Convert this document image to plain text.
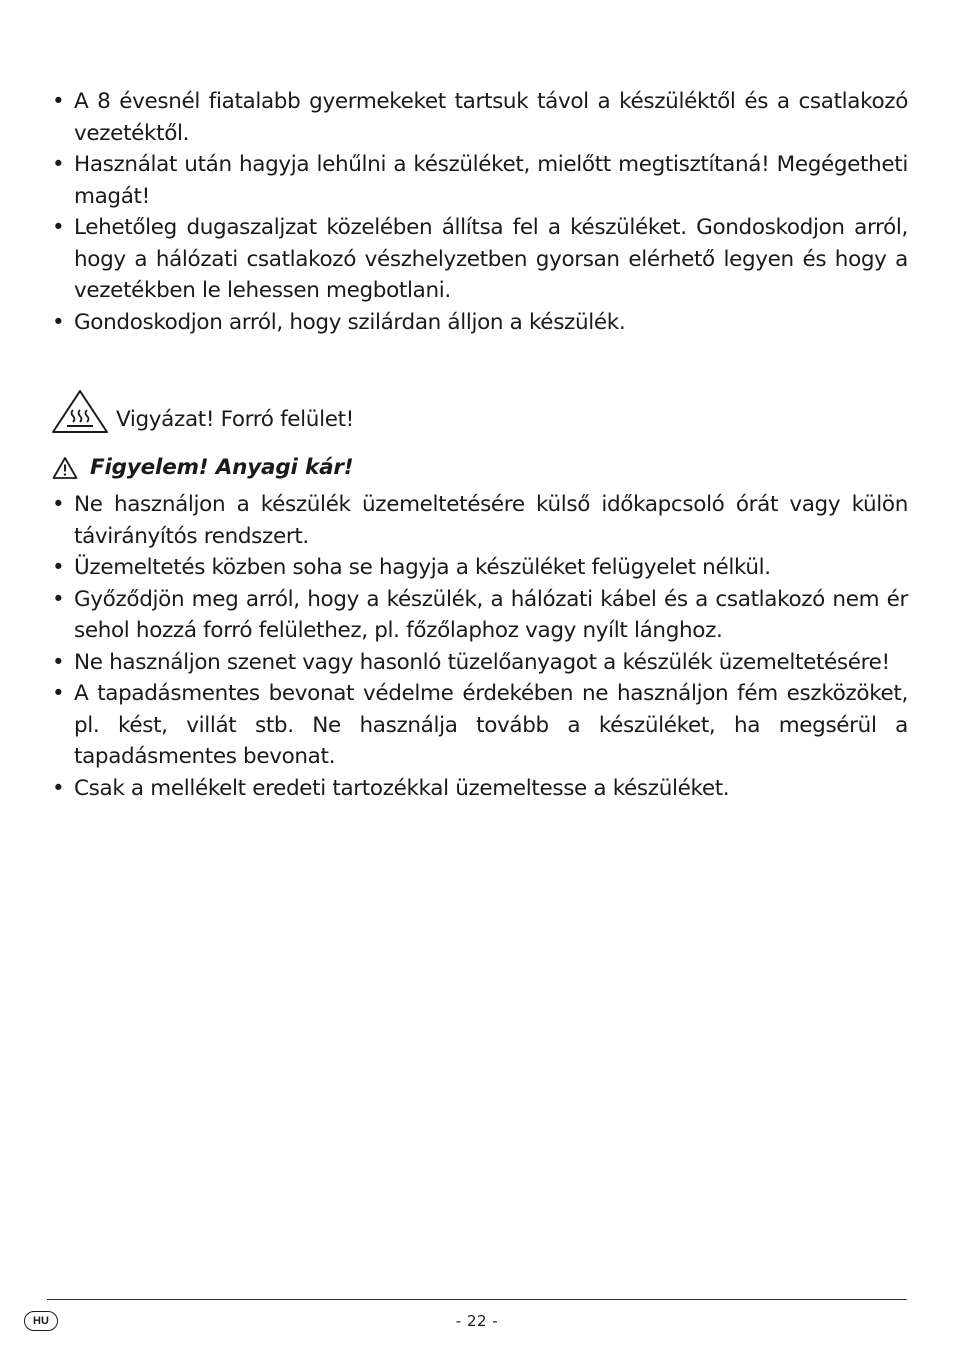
• A 8 évesnél fiatalabb gyermekeket tartsuk távol a készüléktől és a csatlakozó vezetéktől.
• Használat után hagyja lehűlni a készüléket, mielőtt megtisztítaná! Megégetheti magát!
• Lehetőleg dugaszaljzat közelében állítsa fel a készüléket. Gondoskodjon arról, hogy a hálózati csatlakozó vészhelyzetben gyorsan elérhető legyen és hogy a vezetékben le lehessen megbotlani.
• Gondoskodjon arról, hogy szilárdan álljon a készülék.
Vigyázat! Forró felület!
Figyelem! Anyagi kár!
• Ne használjon a készülék üzemeltetésére külső időkapcsoló órát vagy külön távirányítós rendszert.
• Üzemeltetés közben soha se hagyja a készüléket felügyelet nélkül.
• Győződjön meg arról, hogy a készülék, a hálózati kábel és a csatlakozó nem ér sehol hozzá forró felülethez, pl. főzőlaphoz vagy nyílt lánghoz.
• Ne használjon szenet vagy hasonló tüzelőanyagot a készülék üzemeltetésére!
• A tapadásmentes bevonat védelme érdekében ne használjon fém eszközöket, pl. kést, villát stb. Ne használja tovább a készüléket, ha megsérül a tapadásmentes bevonat.
• Csak a mellékelt eredeti tartozékkal üzemeltesse a készüléket.
HU	- 22 -
